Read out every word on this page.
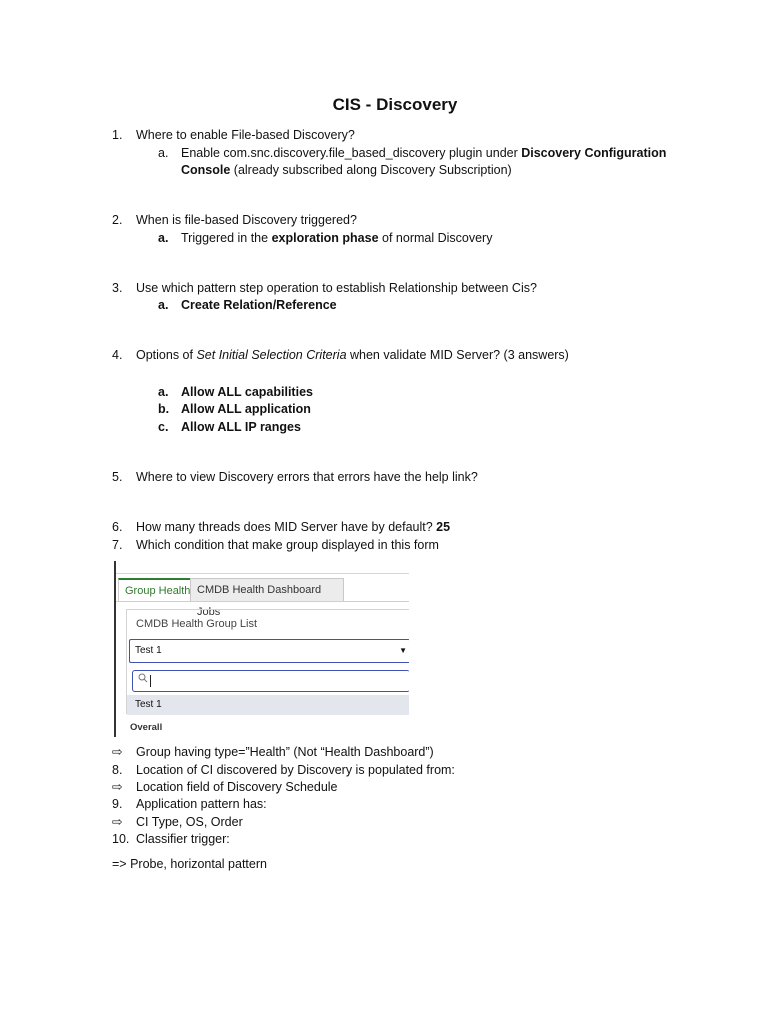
CIS - Discovery
1. Where to enable File-based Discovery?
a. Enable com.snc.discovery.file_based_discovery plugin under Discovery Configuration
Console (already subscribed along Discovery Subscription)
2. When is file-based Discovery triggered?
a. Triggered in the exploration phase of normal Discovery
3. Use which pattern step operation to establish Relationship between Cis?
a. Create Relation/Reference
4. Options of Set Initial Selection Criteria when validate MID Server? (3 answers)
a. Allow ALL capabilities
b. Allow ALL application
c. Allow ALL IP ranges
5. Where to view Discovery errors that errors have the help link?
6. How many threads does MID Server have by default? 25
7. Which condition that make group displayed in this form
Group Health CMDB Health Dashboard Jobs
CMDB Health Group List
Test 1	▼
Test 1
Overall
⇨ Group having type=”Health” (Not “Health Dashboard”)
8. Location of CI discovered by Discovery is populated from:
⇨ Location field of Discovery Schedule
9. Application pattern has:
⇨ CI Type, OS, Order
10. Classifier trigger:
=> Probe, horizontal pattern
